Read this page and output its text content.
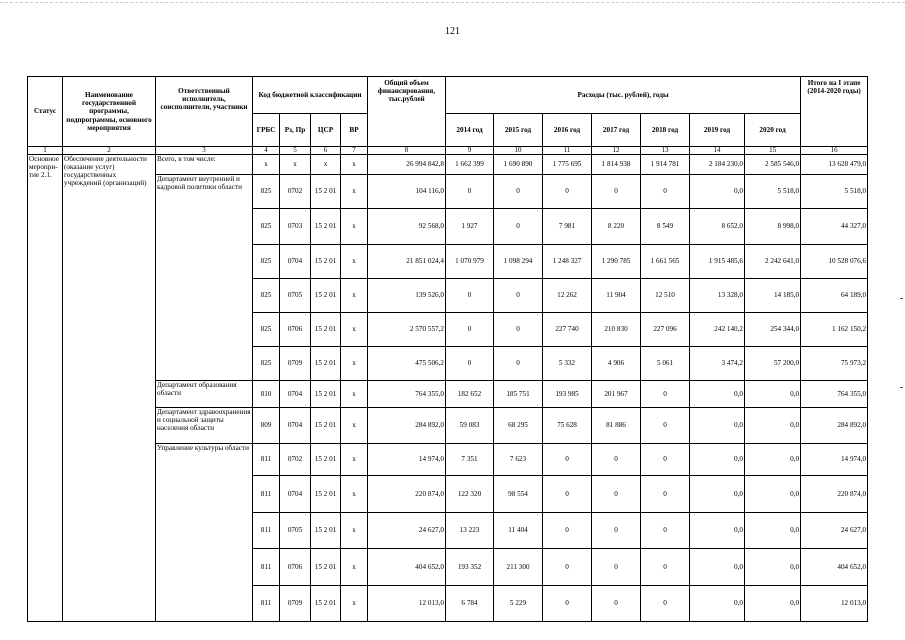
121
Статус	Наименование государственной программы, подпрограммы, основного мероприятия	Ответственный исполнитель, соисполнители, участники	Код бюджетной классификации				Общий объем финансирования, тыс.рублей	Расходы (тыс. рублей), годы							Итого на I этапе (2014-2020 годы)
			ГРБС	Рз, Пр	ЦСР	ВР		2014 год	2015 год	2016 год	2017 год	2018 год	2019 год	2020 год	
1	2	3	4	5	6	7	8	9	10	11	12	13	14	15	16
Основное меропри-тие 2.1.	Обеспечение деятельности (оказание услуг) государственных учреждений (организаций)	Всего, в том числе:	х	х	х	х	26 994 842,8	1 662 399	1 690 890	1 775 695	1 814 938	1 914 781	2 184 230,0	2 585 546,0	13 628 479,0
		Департамент внутренней и кадровой политики области	825	0702	15 2 01	х	104 116,0	0	0	0	0	0	0,0	5 518,0	5 518,0
			825	0703	15 2 01	х	92 568,0	1 927	0	7 981	8 220	8 549	8 652,0	8 998,0	44 327,0
			825	0704	15 2 01	х	21 851 024,4	1 070 979	1 098 294	1 248 327	1 290 785	1 661 565	1 915 485,6	2 242 641,0	10 528 076,6
			825	0705	15 2 01	х	139 526,0	0	0	12 262	11 904	12 510	13 328,0	14 185,0	64 189,0
			825	0706	15 2 01	х	2 570 557,2	0	0	227 740	210 830	227 096	242 140,2	254 344,0	1 162 150,2
			825	0709	15 2 01	х	475 506,2	0	0	5 332	4 906	5 061	3 474,2	57 200,0	75 973,2
		Департамент образования области	810	0704	15 2 01	х	764 355,0	182 652	185 751	193 985	201 967	0	0,0	0,0	764 355,0
		Департамент здравоохранения и социальной защиты населения области	809	0704	15 2 01	х	284 892,0	59 083	68 295	75 628	81 886	0	0,0	0,0	284 892,0
		Управление культуры области	811	0702	15 2 01	х	14 974,0	7 351	7 623	0	0	0	0,0	0,0	14 974,0
			811	0704	15 2 01	х	220 874,0	122 320	98 554	0	0	0	0,0	0,0	220 874,0
			811	0705	15 2 01	х	24 627,0	13 223	11 404	0	0	0	0,0	0,0	24 627,0
			811	0706	15 2 01	х	404 652,0	193 352	211 300	0	0	0	0,0	0,0	404 652,0
			811	0709	15 2 01	х	12 013,0	6 784	5 229	0	0	0	0,0	0,0	12 013,0
